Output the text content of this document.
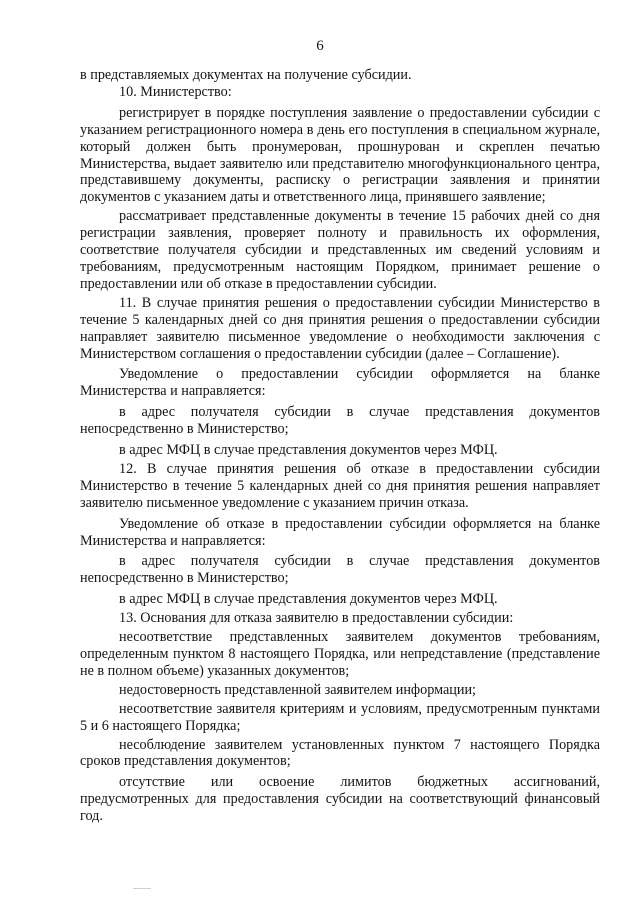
6

в представляемых документах на получение субсидии.

10. Министерство:

регистрирует в порядке поступления заявление о предоставлении субсидии с указанием регистрационного номера в день его поступления в специальном журнале, который должен быть пронумерован, прошнурован и скреплен печатью Министерства, выдает заявителю или представителю многофункционального центра, представившему документы, расписку о регистрации заявления и принятии документов с указанием даты и ответственного лица, принявшего заявление;

рассматривает представленные документы в течение 15 рабочих дней со дня регистрации заявления, проверяет полноту и правильность их оформления, соответствие получателя субсидии и представленных им сведений условиям и требованиям, предусмотренным настоящим Порядком, принимает решение о предоставлении или об отказе в предоставлении субсидии.

11. В случае принятия решения о предоставлении субсидии Министерство в течение 5 календарных дней со дня принятия решения о предоставлении субсидии направляет заявителю письменное уведомление о необходимости заключения с Министерством соглашения о предоставлении субсидии (далее – Соглашение).

Уведомление о предоставлении субсидии оформляется на бланке Министерства и направляется:

в адрес получателя субсидии в случае представления документов непосредственно в Министерство;

в адрес МФЦ в случае представления документов через МФЦ.

12. В случае принятия решения об отказе в предоставлении субсидии Министерство в течение 5 календарных дней со дня принятия решения направляет заявителю письменное уведомление с указанием причин отказа.

Уведомление об отказе в предоставлении субсидии оформляется на бланке Министерства и направляется:

в адрес получателя субсидии в случае представления документов непосредственно в Министерство;

в адрес МФЦ в случае представления документов через МФЦ.

13. Основания для отказа заявителю в предоставлении субсидии:

несоответствие представленных заявителем документов требованиям, определенным пунктом 8 настоящего Порядка, или непредставление (представление не в полном объеме) указанных документов;

недостоверность представленной заявителем информации;

несоответствие заявителя критериям и условиям, предусмотренным пунктами 5 и 6 настоящего Порядка;

несоблюдение заявителем установленных пунктом 7 настоящего Порядка сроков представления документов;

отсутствие или освоение лимитов бюджетных ассигнований, предусмотренных для предоставления субсидии на соответствующий финансовый год.
